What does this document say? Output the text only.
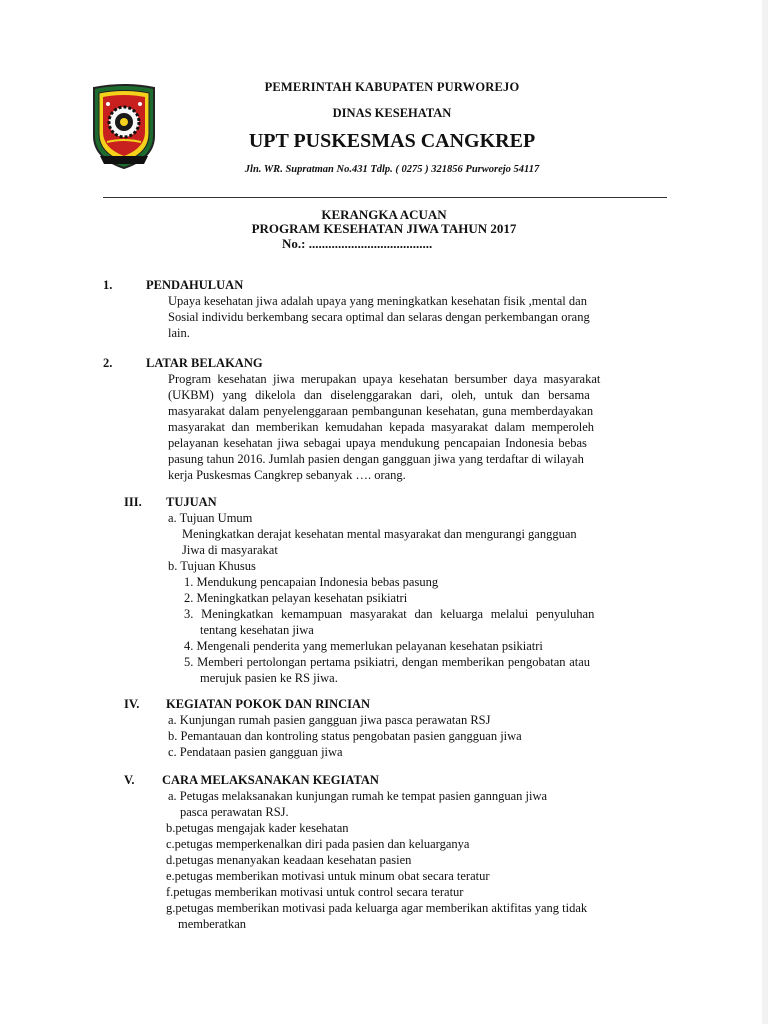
PEMERINTAH KABUPATEN PURWOREJO
DINAS KESEHATAN
UPT PUSKESMAS CANGKREP
Jln. WR. Supratman No.431 Tdlp. ( 0275 ) 321856 Purworejo 54117
KERANGKA ACUAN
PROGRAM KESEHATAN JIWA TAHUN 2017
No.: ......................................
1.	PENDAHULUAN
Upaya kesehatan jiwa adalah upaya yang meningkatkan kesehatan fisik ,mental dan
Sosial individu berkembang secara optimal dan selaras dengan perkembangan orang
lain.
2.	LATAR BELAKANG
Program kesehatan jiwa merupakan upaya kesehatan bersumber daya masyarakat
(UKBM) yang dikelola dan diselenggarakan dari, oleh, untuk dan bersama
masyarakat dalam penyelenggaraan pembangunan kesehatan, guna memberdayakan
masyarakat dan memberikan kemudahan kepada masyarakat dalam memperoleh
pelayanan kesehatan jiwa sebagai upaya mendukung pencapaian Indonesia bebas
pasung tahun 2016. Jumlah pasien dengan gangguan jiwa yang terdaftar di wilayah
kerja Puskesmas Cangkrep sebanyak …. orang.
III. TUJUAN
a. Tujuan Umum
Meningkatkan derajat kesehatan mental masyarakat dan mengurangi gangguan
Jiwa di masyarakat
b. Tujuan Khusus
1. Mendukung pencapaian Indonesia bebas pasung
2. Meningkatkan pelayan kesehatan psikiatri
3. Meningkatkan kemampuan masyarakat dan keluarga melalui penyuluhan
tentang kesehatan jiwa
4. Mengenali penderita yang memerlukan pelayanan kesehatan psikiatri
5. Memberi pertolongan pertama psikiatri, dengan memberikan pengobatan atau
merujuk pasien ke RS jiwa.
IV. KEGIATAN POKOK DAN RINCIAN
a. Kunjungan rumah pasien gangguan jiwa pasca perawatan RSJ
b. Pemantauan dan kontroling status pengobatan pasien gangguan jiwa
c. Pendataan pasien gangguan jiwa
V. CARA MELAKSANAKAN KEGIATAN
a. Petugas melaksanakan kunjungan rumah ke tempat pasien gannguan jiwa
pasca perawatan RSJ.
b.petugas mengajak kader kesehatan
c.petugas memperkenalkan diri pada pasien dan keluarganya
d.petugas menanyakan keadaan kesehatan pasien
e.petugas memberikan motivasi untuk minum obat secara teratur
f.petugas memberikan motivasi untuk control secara teratur
g.petugas memberikan motivasi pada keluarga agar memberikan aktifitas yang tidak
memberatkan
